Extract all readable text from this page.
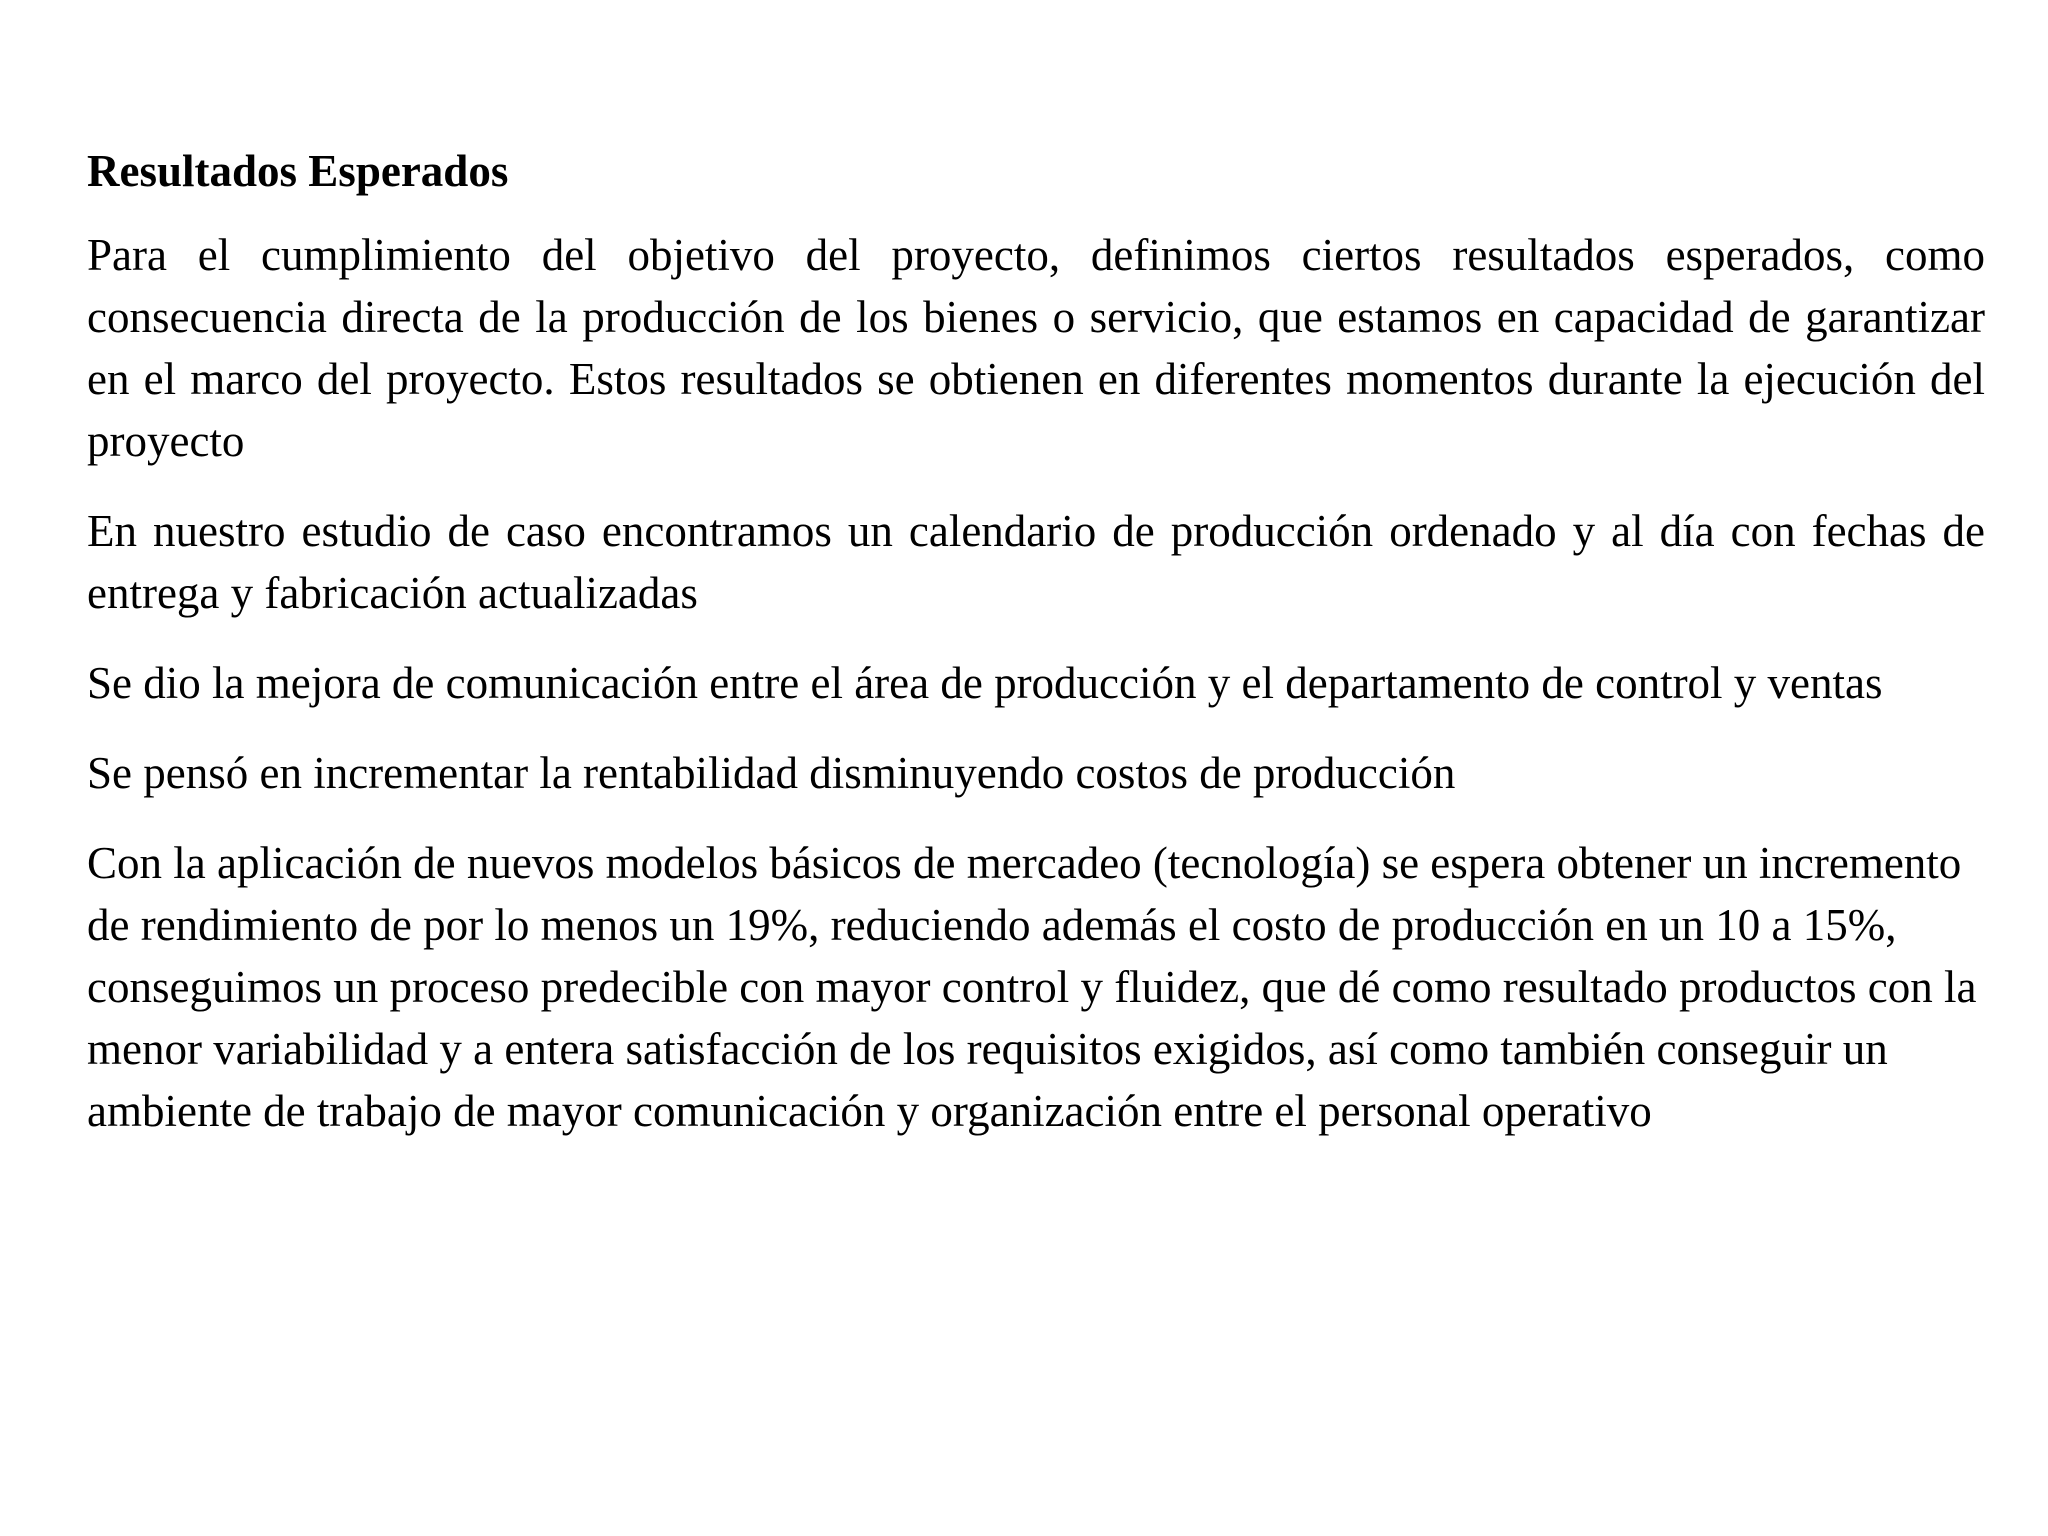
Resultados Esperados

Para el cumplimiento del objetivo del proyecto, definimos ciertos resultados esperados, como consecuencia directa de la producción de los bienes o servicio, que estamos en capacidad de garantizar en el marco del proyecto. Estos resultados se obtienen en diferentes momentos durante la ejecución del proyecto

En nuestro estudio de caso encontramos un calendario de producción ordenado y al día con fechas de entrega y fabricación actualizadas

Se dio la mejora de comunicación entre el área de producción y el departamento de control y ventas

Se pensó en incrementar la rentabilidad disminuyendo costos de producción

Con la aplicación de nuevos modelos básicos de mercadeo (tecnología) se espera obtener un incremento de rendimiento de por lo menos un 19%, reduciendo además el costo de producción en un 10 a 15%, conseguimos un proceso predecible con mayor control y fluidez, que dé como resultado productos con la menor variabilidad y a entera satisfacción de los requisitos exigidos, así como también conseguir un ambiente de trabajo de mayor comunicación y organización entre el personal operativo
